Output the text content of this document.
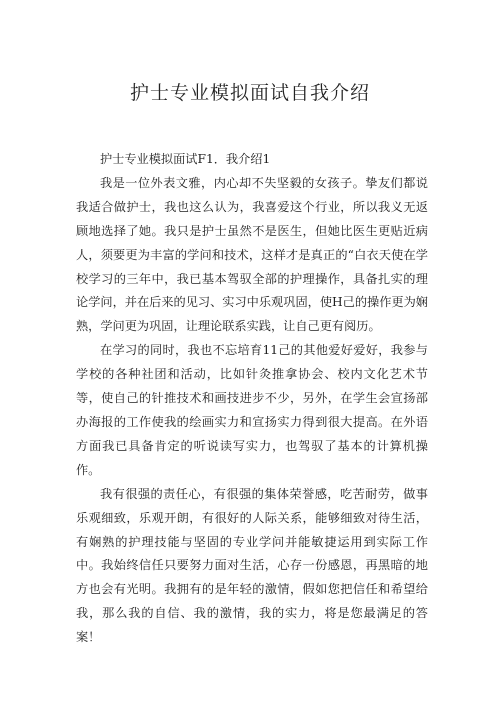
护士专业模拟面试自我介绍

护士专业模拟面试F1．我介绍1

我是一位外表文雅，内心却不失坚毅的女孩子。挚友们都说我适合做护士，我也这么认为，我喜爱这个行业，所以我义无返顾地选择了她。我只是护士虽然不是医生，但她比医生更贴近病人，须要更为丰富的学问和技术，这样才是真正的“白衣天使在学校学习的三年中，我已基本驾驭全部的护理操作，具备扎实的理论学问，并在后来的见习、实习中乐观巩固，使H己的操作更为娴熟，学问更为巩固，让理论联系实践，让自己更有阅历。

在学习的同时，我也不忘培育11己的其他爱好爱好，我参与学校的各种社团和活动，比如针灸推拿协会、校内文化艺术节等，使自己的针推技术和画技进步不少，另外，在学生会宣扬部办海报的工作使我的绘画实力和宣扬实力得到很大提高。在外语方面我已具备肯定的听说读写实力，也驾驭了基本的计算机操作。

我有很强的责任心，有很强的集体荣誉感，吃苦耐劳，做事乐观细致，乐观开朗，有很好的人际关系，能够细致对待生活，有娴熟的护理技能与坚固的专业学问并能敏捷运用到实际工作中。我始终信任只要努力面对生活，心存一份感恩，再黑暗的地方也会有光明。我拥有的是年轻的激情，假如您把信任和希望给我，那么我的自信、我的激情，我的实力，将是您最满足的答案！
